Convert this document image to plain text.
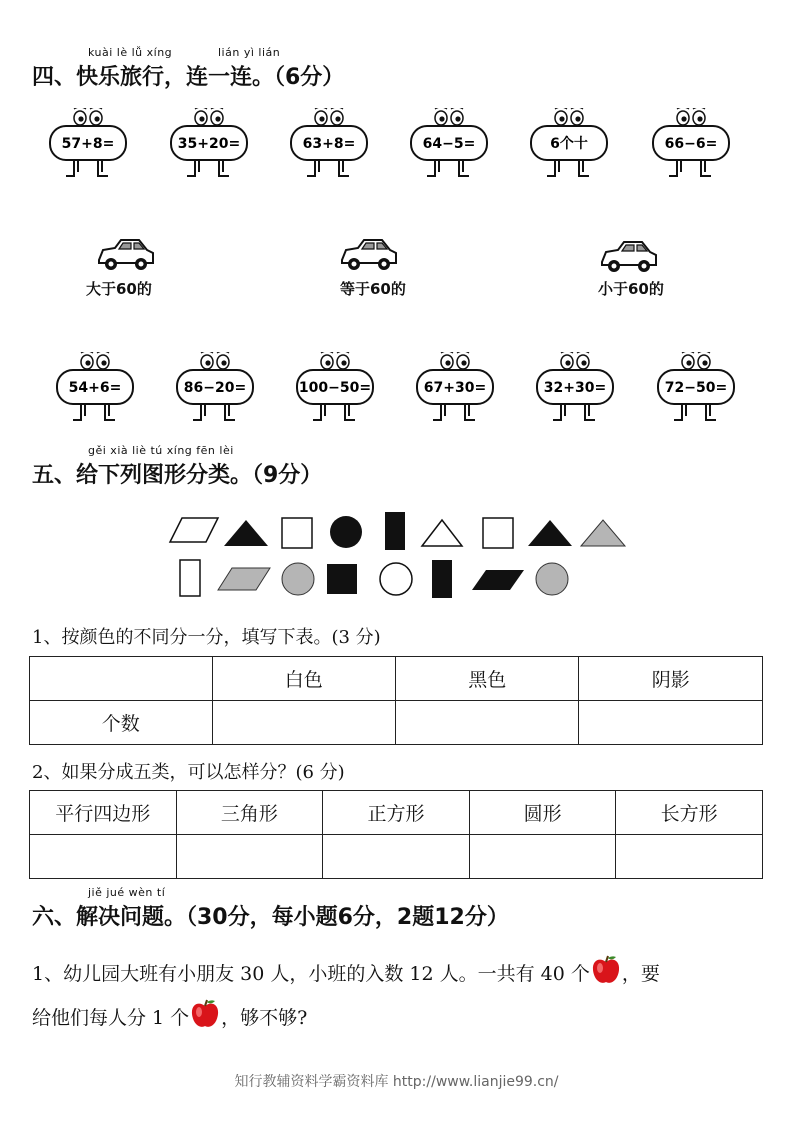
kuài lè lǚ xíng	lián yì lián
四、快乐旅行，连一连。（6分）
57+8=	35+20=	63+8=	64−5=	6个十	66−6=
大于60的	等于60的	小于60的
54+6=	86−20=	100−50=	67+30=	32+30=	72−50=
gěi xià liè tú xíng fēn lèi
五、给下列图形分类。（9分）
1、按颜色的不同分一分，填写下表。(3 分)
	白色	黑色	阴影
个数			
2、如果分成五类，可以怎样分？(6 分)
平行四边形	三角形	正方形	圆形	长方形

jiě jué wèn tí
六、解决问题。（30分，每小题6分，2题12分）
1、幼儿园大班有小朋友 30 人，小班的入数 12 人。一共有 40 个 ，要
给他们每人分 1 个 ，够不够?
知行教辅资料学霸资料库 http://www.lianjie99.cn/
